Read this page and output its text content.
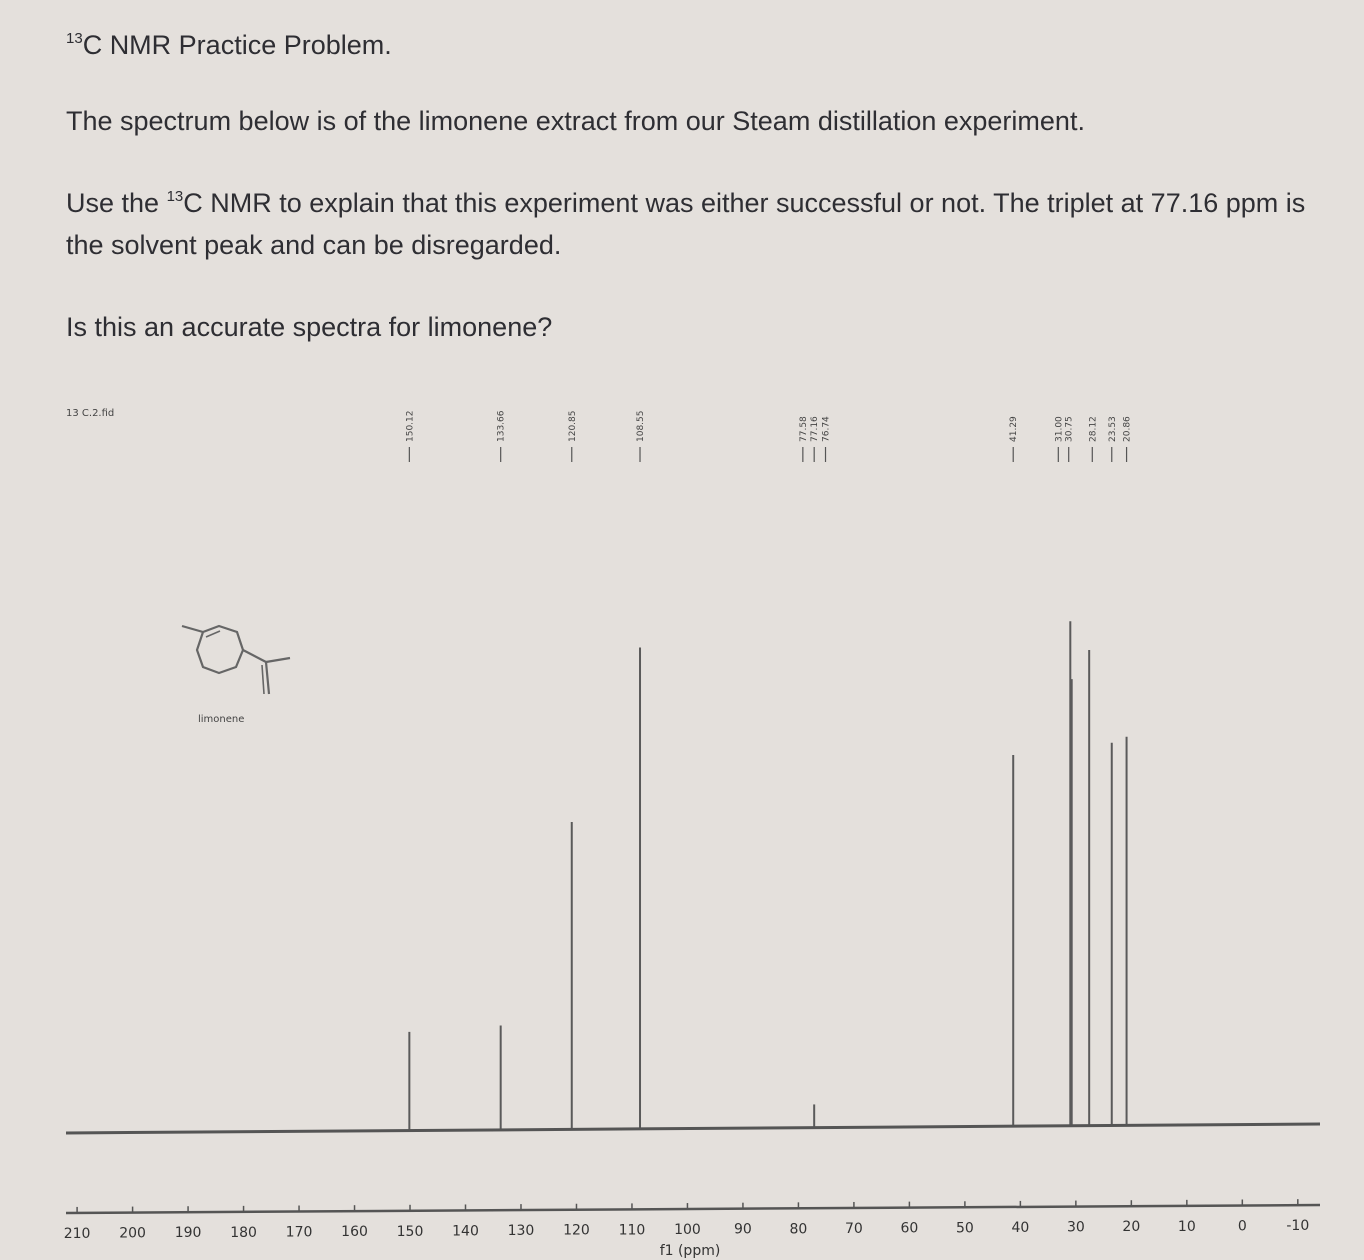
$^{13}$C NMR Practice Problem.
The spectrum below is of the limonene extract from our Steam distillation experiment.
Use the $^{13}$C NMR to explain that this experiment was either successful or not. The triplet at 77.16 ppm is the solvent peak and can be disregarded.
Is this an accurate spectra for limonene?
13 C.2.fid
limonene
150.12	133.66	120.85	108.55	77.58 77.16 76.74	41.29	31.00 30.75 28.12 23.53 20.86
210 200 190 180 170 160 150 140 130 120 110 100 90	80	70	60	50	40	30	20	10	0	-10
f1 (ppm)
